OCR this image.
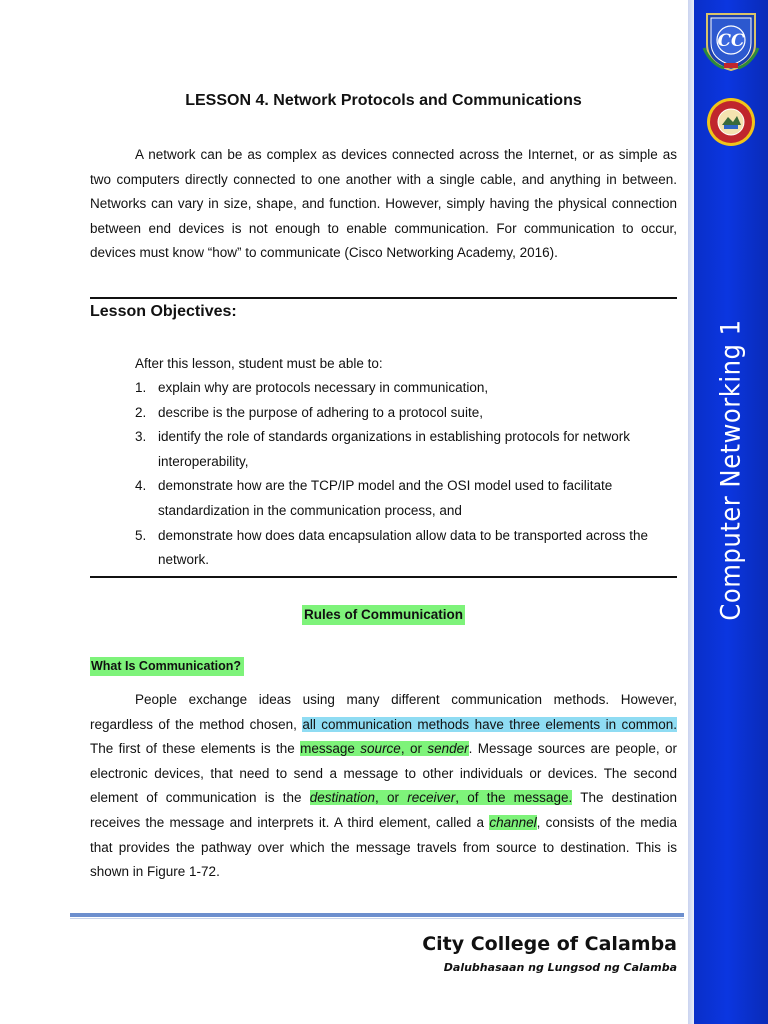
CC
Computer Networking 1
LESSON 4. Network Protocols and Communications

A network can be as complex as devices connected across the Internet, or as simple as two computers directly connected to one another with a single cable, and anything in between. Networks can vary in size, shape, and function. However, simply having the physical connection between end devices is not enough to enable communication. For communication to occur, devices must know “how” to communicate (Cisco Networking Academy, 2016).

Lesson Objectives:
After this lesson, student must be able to:
1. explain why are protocols necessary in communication,
2. describe is the purpose of adhering to a protocol suite,
3. identify the role of standards organizations in establishing protocols for network interoperability,
4. demonstrate how are the TCP/IP model and the OSI model used to facilitate standardization in the communication process, and
5. demonstrate how does data encapsulation allow data to be transported across the network.
Rules of Communication
What Is Communication?

People exchange ideas using many different communication methods. However, regardless of the method chosen, all communication methods have three elements in common. The first of these elements is the message source, or sender. Message sources are people, or electronic devices, that need to send a message to other individuals or devices. The second element of communication is the destination, or receiver, of the message. The destination receives the message and interprets it. A third element, called a channel, consists of the media that provides the pathway over which the message travels from source to destination. This is shown in Figure 1-72.

City College of Calamba
Dalubhasaan ng Lungsod ng Calamba
